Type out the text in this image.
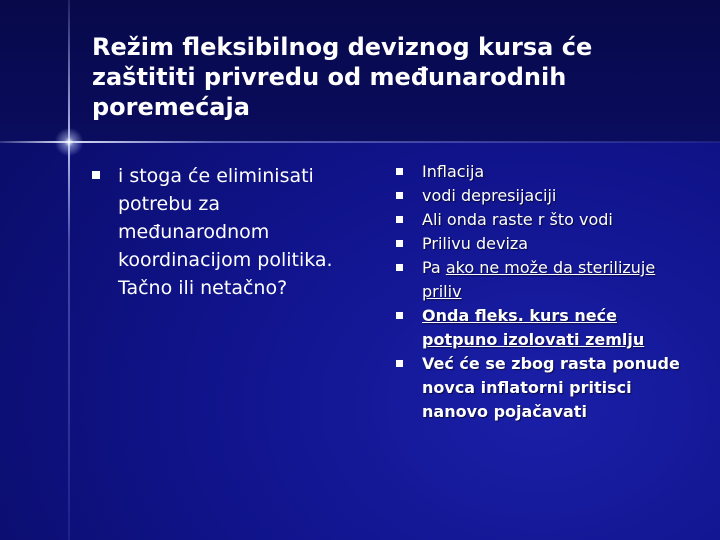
Režim fleksibilnog deviznog kursa će zaštititi privredu od međunarodnih poremećaja
i stoga će eliminisati potrebu za međunarodnom koordinacijom politika. Tačno ili netačno?
Inflacija
vodi depresijaciji
Ali onda raste r što vodi
Prilivu deviza
Pa ako ne može da sterilizuje priliv
Onda fleks. kurs neće potpuno izolovati zemlju
Već će se zbog rasta ponude novca inflatorni pritisci nanovo pojačavati
